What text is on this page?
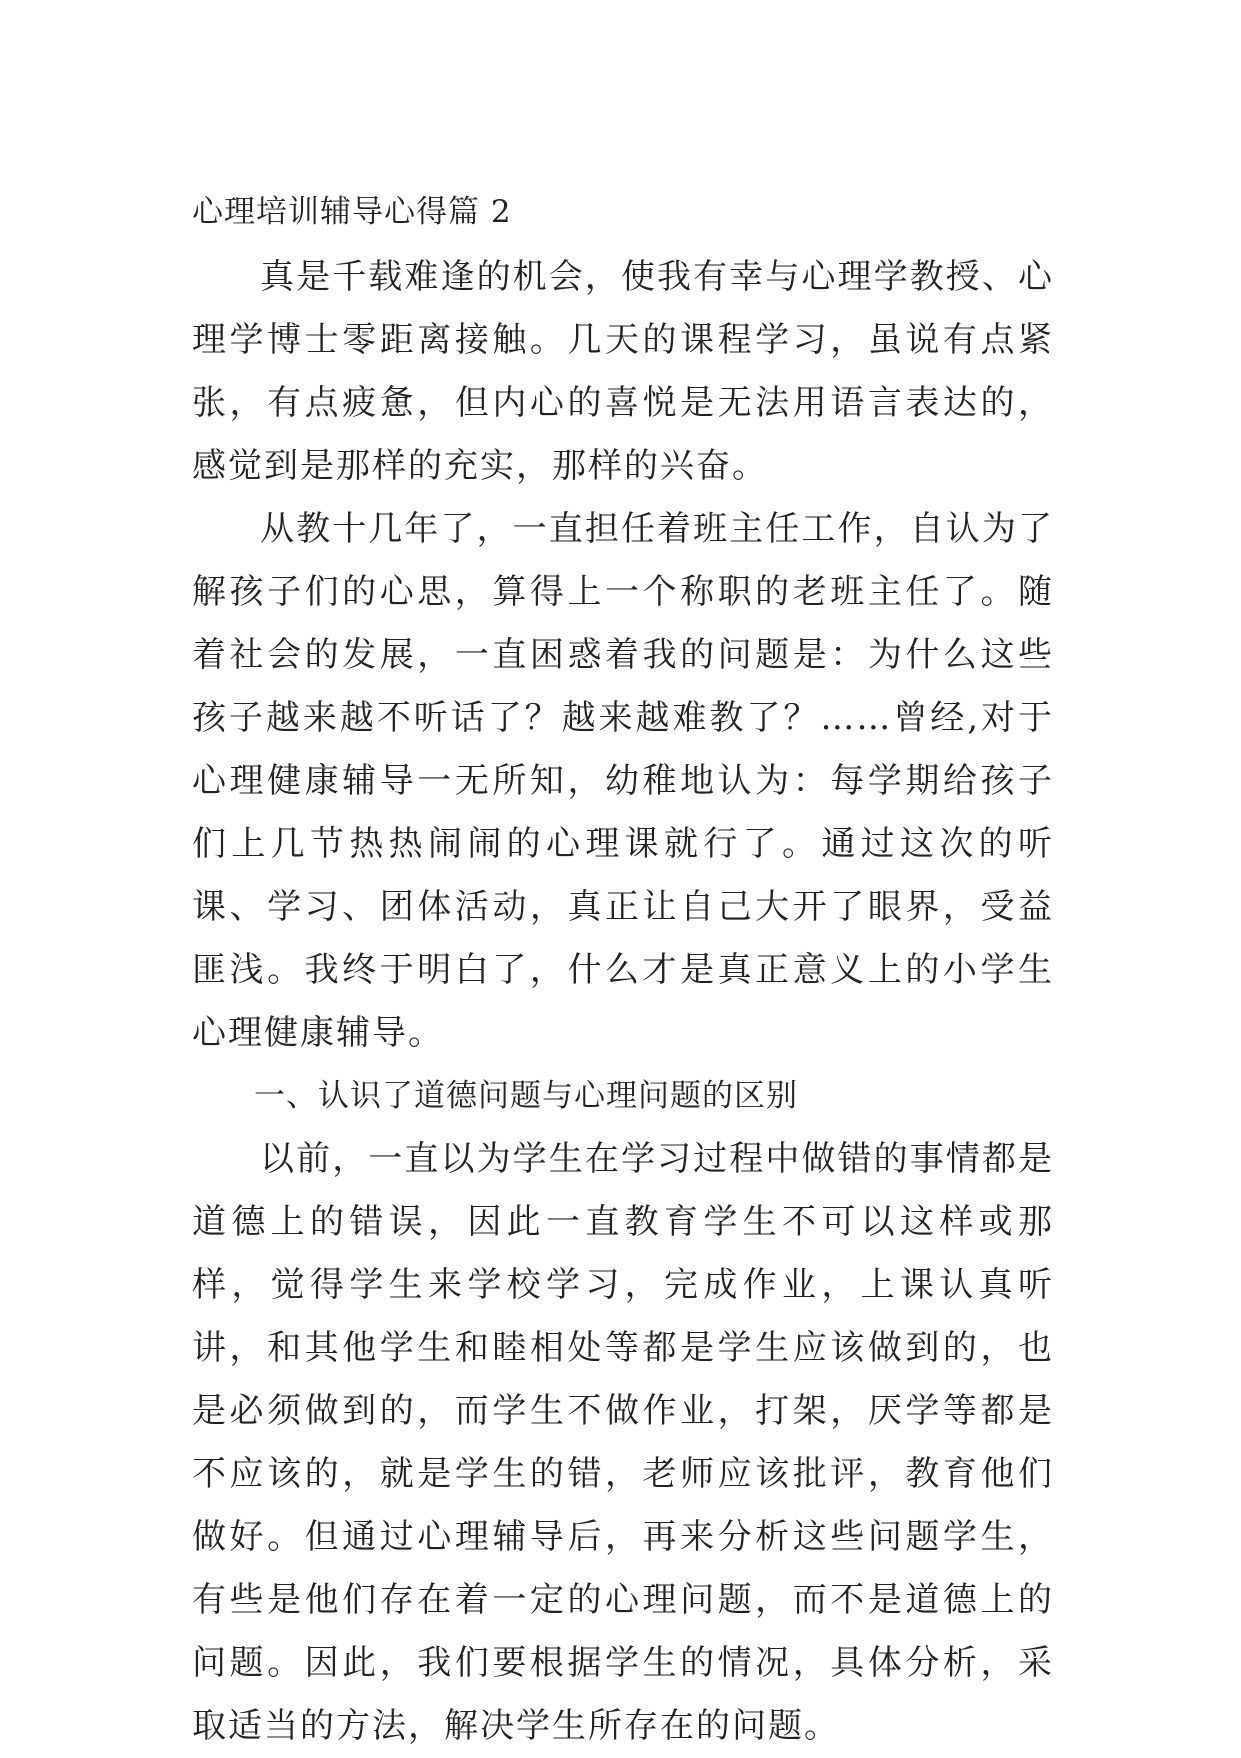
心理培训辅导心得篇 2

真是千载难逢的机会，使我有幸与心理学教授、心理学博士零距离接触。几天的课程学习，虽说有点紧张，有点疲惫，但内心的喜悦是无法用语言表达的，感觉到是那样的充实，那样的兴奋。

从教十几年了，一直担任着班主任工作，自认为了解孩子们的心思，算得上一个称职的老班主任了。随着社会的发展，一直困惑着我的问题是：为什么这些孩子越来越不听话了？越来越难教了？……曾经,对于心理健康辅导一无所知，幼稚地认为：每学期给孩子们上几节热热闹闹的心理课就行了。通过这次的听课、学习、团体活动，真正让自己大开了眼界，受益匪浅。我终于明白了，什么才是真正意义上的小学生心理健康辅导。

一、认识了道德问题与心理问题的区别

以前，一直以为学生在学习过程中做错的事情都是道德上的错误，因此一直教育学生不可以这样或那样，觉得学生来学校学习，完成作业，上课认真听讲，和其他学生和睦相处等都是学生应该做到的，也是必须做到的，而学生不做作业，打架，厌学等都是不应该的，就是学生的错，老师应该批评，教育他们做好。但通过心理辅导后，再来分析这些问题学生，有些是他们存在着一定的心理问题，而不是道德上的问题。因此，我们要根据学生的情况，具体分析，采取适当的方法，解决学生所存在的问题。
